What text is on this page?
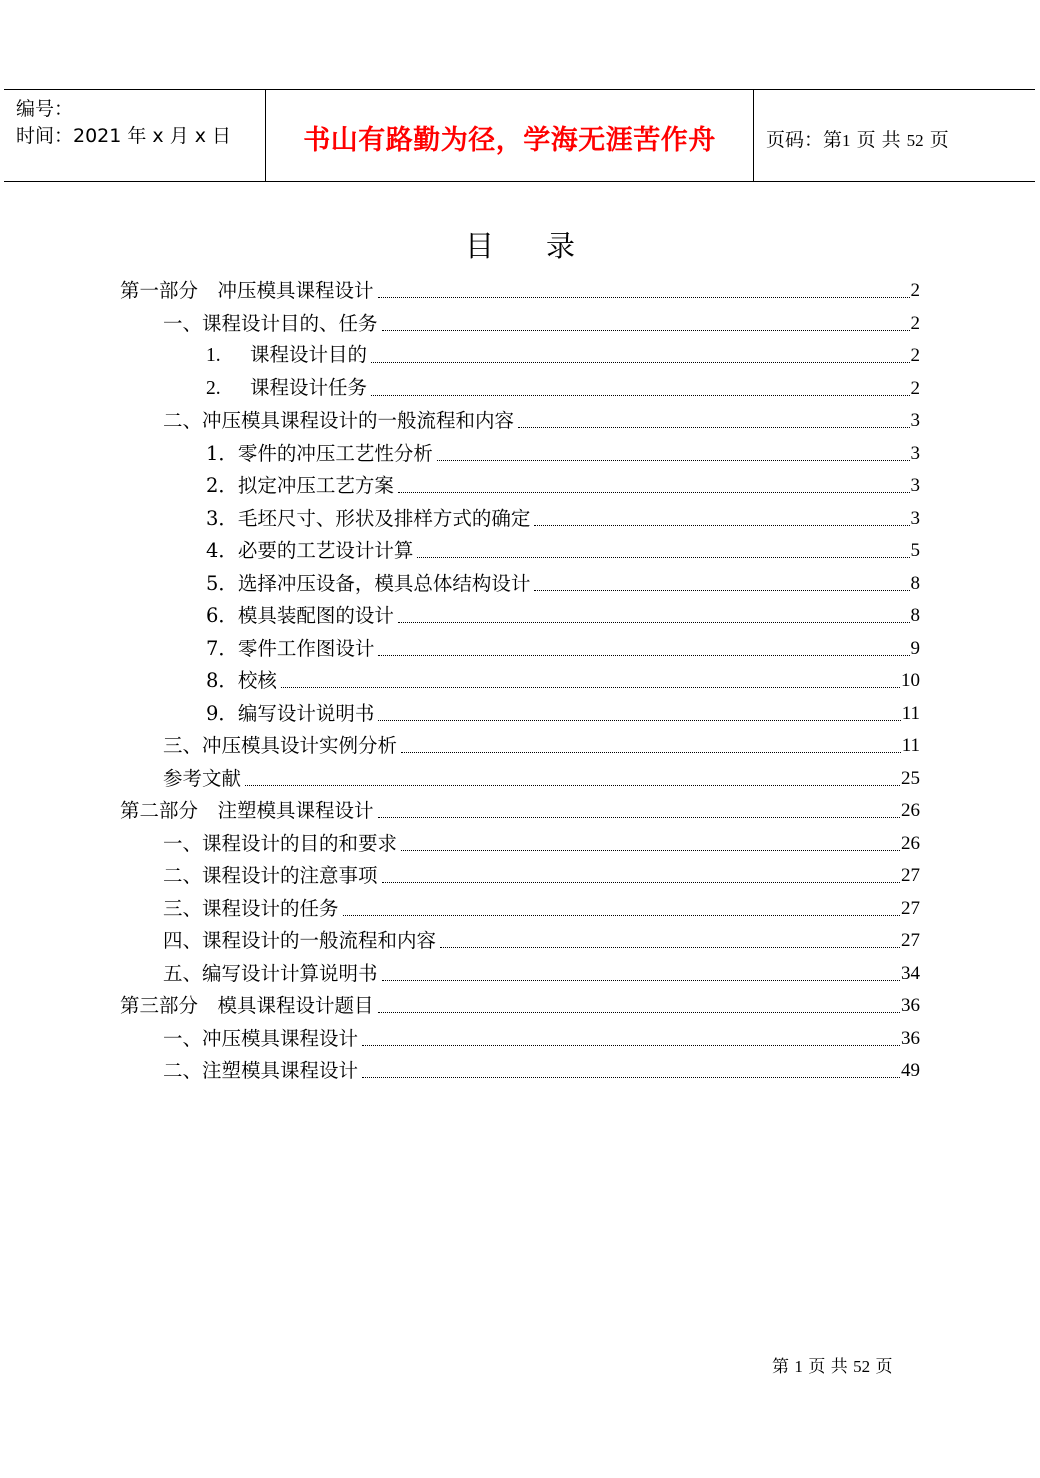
编号：
时间：2021 年 x 月 x 日	书山有路勤为径，学海无涯苦作舟	页码：第1 页 共 52 页
目 录
第一部分　冲压模具课程设计	2
一、课程设计目的、任务	2
1. 课程设计目的	2
2. 课程设计任务	2
二、冲压模具课程设计的一般流程和内容	3
1．零件的冲压工艺性分析	3
2．拟定冲压工艺方案	3
3．毛坯尺寸、形状及排样方式的确定	3
4．必要的工艺设计计算	5
5．选择冲压设备，模具总体结构设计	8
6．模具装配图的设计	8
7．零件工作图设计	9
8．校核	10
9．编写设计说明书	11
三、冲压模具设计实例分析	11
参考文献	25
第二部分　注塑模具课程设计	26
一、课程设计的目的和要求	26
二、课程设计的注意事项	27
三、课程设计的任务	27
四、课程设计的一般流程和内容	27
五、编写设计计算说明书	34
第三部分　模具课程设计题目	36
一、冲压模具课程设计	36
二、注塑模具课程设计	49
第 1 页 共 52 页
